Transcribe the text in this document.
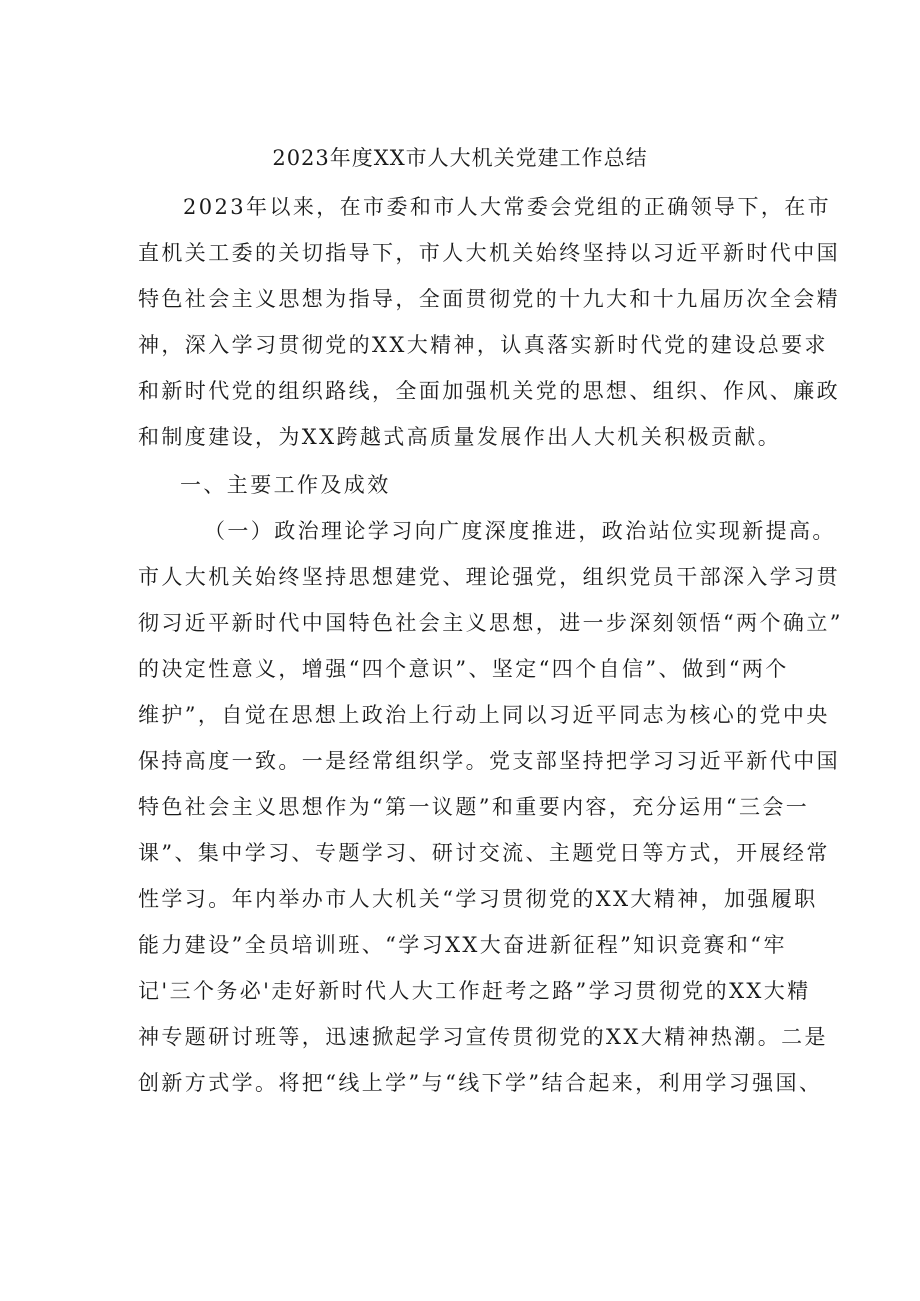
2023年度XX市人大机关党建工作总结
2023年以来，在市委和市人大常委会党组的正确领导下，在市
直机关工委的关切指导下，市人大机关始终坚持以习近平新时代中国
特色社会主义思想为指导，全面贯彻党的十九大和十九届历次全会精
神，深入学习贯彻党的XX大精神，认真落实新时代党的建设总要求
和新时代党的组织路线，全面加强机关党的思想、组织、作风、廉政
和制度建设，为XX跨越式高质量发展作出人大机关积极贡献。
一、主要工作及成效
（一）政治理论学习向广度深度推进，政治站位实现新提高。
市人大机关始终坚持思想建党、理论强党，组织党员干部深入学习贯
彻习近平新时代中国特色社会主义思想，进一步深刻领悟“两个确立”
的决定性意义，增强“四个意识”、坚定“四个自信”、做到“两个
维护”，自觉在思想上政治上行动上同以习近平同志为核心的党中央
保持高度一致。一是经常组织学。党支部坚持把学习习近平新代中国
特色社会主义思想作为“第一议题”和重要内容，充分运用“三会一
课”、集中学习、专题学习、研讨交流、主题党日等方式，开展经常
性学习。年内举办市人大机关“学习贯彻党的XX大精神，加强履职
能力建设”全员培训班、“学习XX大奋进新征程”知识竞赛和“牢
记'三个务必'走好新时代人大工作赶考之路”学习贯彻党的XX大精
神专题研讨班等，迅速掀起学习宣传贯彻党的XX大精神热潮。二是
创新方式学。将把“线上学”与“线下学”结合起来，利用学习强国、
